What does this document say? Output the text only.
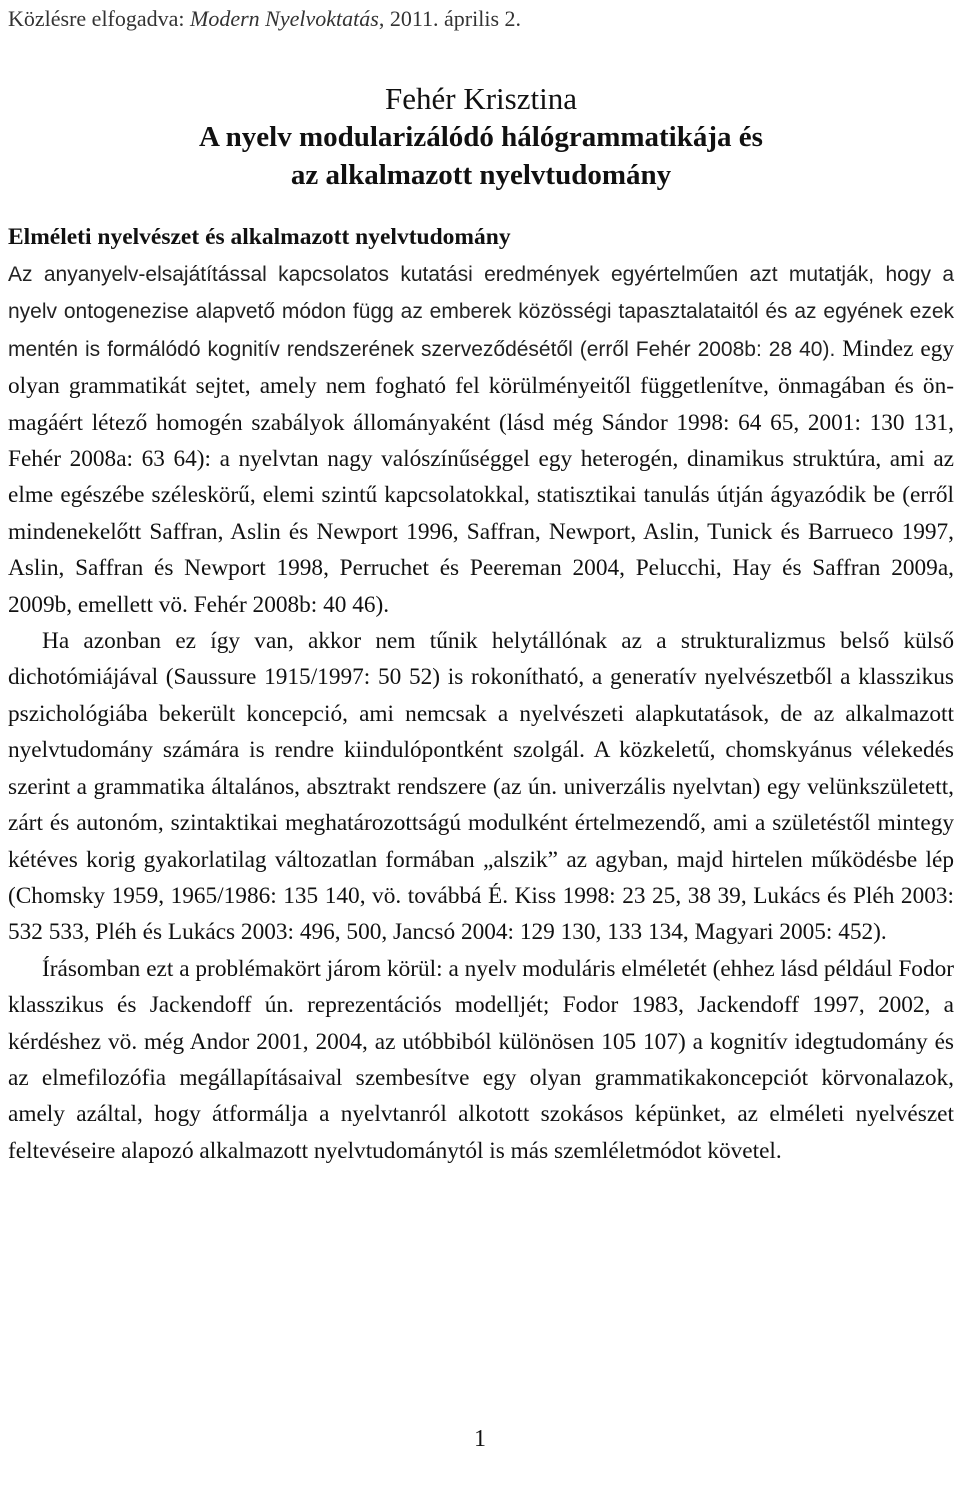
Közlésre elfogadva: Modern Nyelvoktatás, 2011. április 2.

Fehér Krisztina

A nyelv modularizálódó hálógrammatikája és

az alkalmazott nyelvtudomány

Elméleti nyelvészet és alkalmazott nyelvtudomány

Az anyanyelv-elsajátítással kapcsolatos kutatási eredmények egyértelműen azt mutatják, hogy a nyelv ontogenezise alapvető módon függ az emberek közösségi tapasztalataitól és az egyének ezek mentén is formálódó kognitív rendszerének szerveződésétől (erről Fehér 2008b: 28 40). Mindez egy olyan grammatikát sejtet, amely nem fogható fel körülményeitől függetlenítve, önmagában és önmagáért létező homogén szabályok állományaként (lásd még Sándor 1998: 64 65, 2001: 130 131, Fehér 2008a: 63 64): a nyelvtan nagy valószínűséggel egy heterogén, dinamikus struktúra, ami az elme egészébe széleskörű, elemi szintű kapcsolatokkal, statisztikai tanulás útján ágyazódik be (erről mindenekelőtt Saffran, Aslin és Newport 1996, Saffran, Newport, Aslin, Tunick és Barrueco 1997, Aslin, Saffran és Newport 1998, Perruchet és Peereman 2004, Pelucchi, Hay és Saffran 2009a, 2009b, emellett vö. Fehér 2008b: 40 46).

Ha azonban ez így van, akkor nem tűnik helytállónak az a strukturalizmus belső külső dichotómiájával (Saussure 1915/1997: 50 52) is rokonítható, a generatív nyelvészetből a klasszikus pszichológiába bekerült koncepció, ami nemcsak a nyelvészeti alapkutatások, de az alkalmazott nyelvtudomány számára is rendre kiindulópontként szolgál. A közkeletű, chomskyánus vélekedés szerint a grammatika általános, absztrakt rendszere (az ún. univerzális nyelvtan) egy velünkszületett, zárt és autonóm, szintaktikai meghatározottságú modulként értelmezendő, ami a születéstől mintegy kétéves korig gyakorlatilag változatlan formában „alszik” az agyban, majd hirtelen működésbe lép (Chomsky 1959, 1965/1986: 135 140, vö. továbbá É. Kiss 1998: 23 25, 38 39, Lukács és Pléh 2003: 532 533, Pléh és Lukács 2003: 496, 500, Jancsó 2004: 129 130, 133 134, Magyari 2005: 452).

Írásomban ezt a problémakört járom körül: a nyelv moduláris elméletét (ehhez lásd például Fodor klasszikus és Jackendoff ún. reprezentációs modelljét; Fodor 1983, Jackendoff 1997, 2002, a kérdéshez vö. még Andor 2001, 2004, az utóbbiból különösen 105 107) a kognitív idegtudomány és az elmefilozófia megállapításaival szembesítve egy olyan grammatikakoncepciót körvonalazok, amely azáltal, hogy átformálja a nyelvtanról alkotott szokásos képünket, az elméleti nyelvészet feltevéseire alapozó alkalmazott nyelvtudománytól is más szemléletmódot követel.

1
